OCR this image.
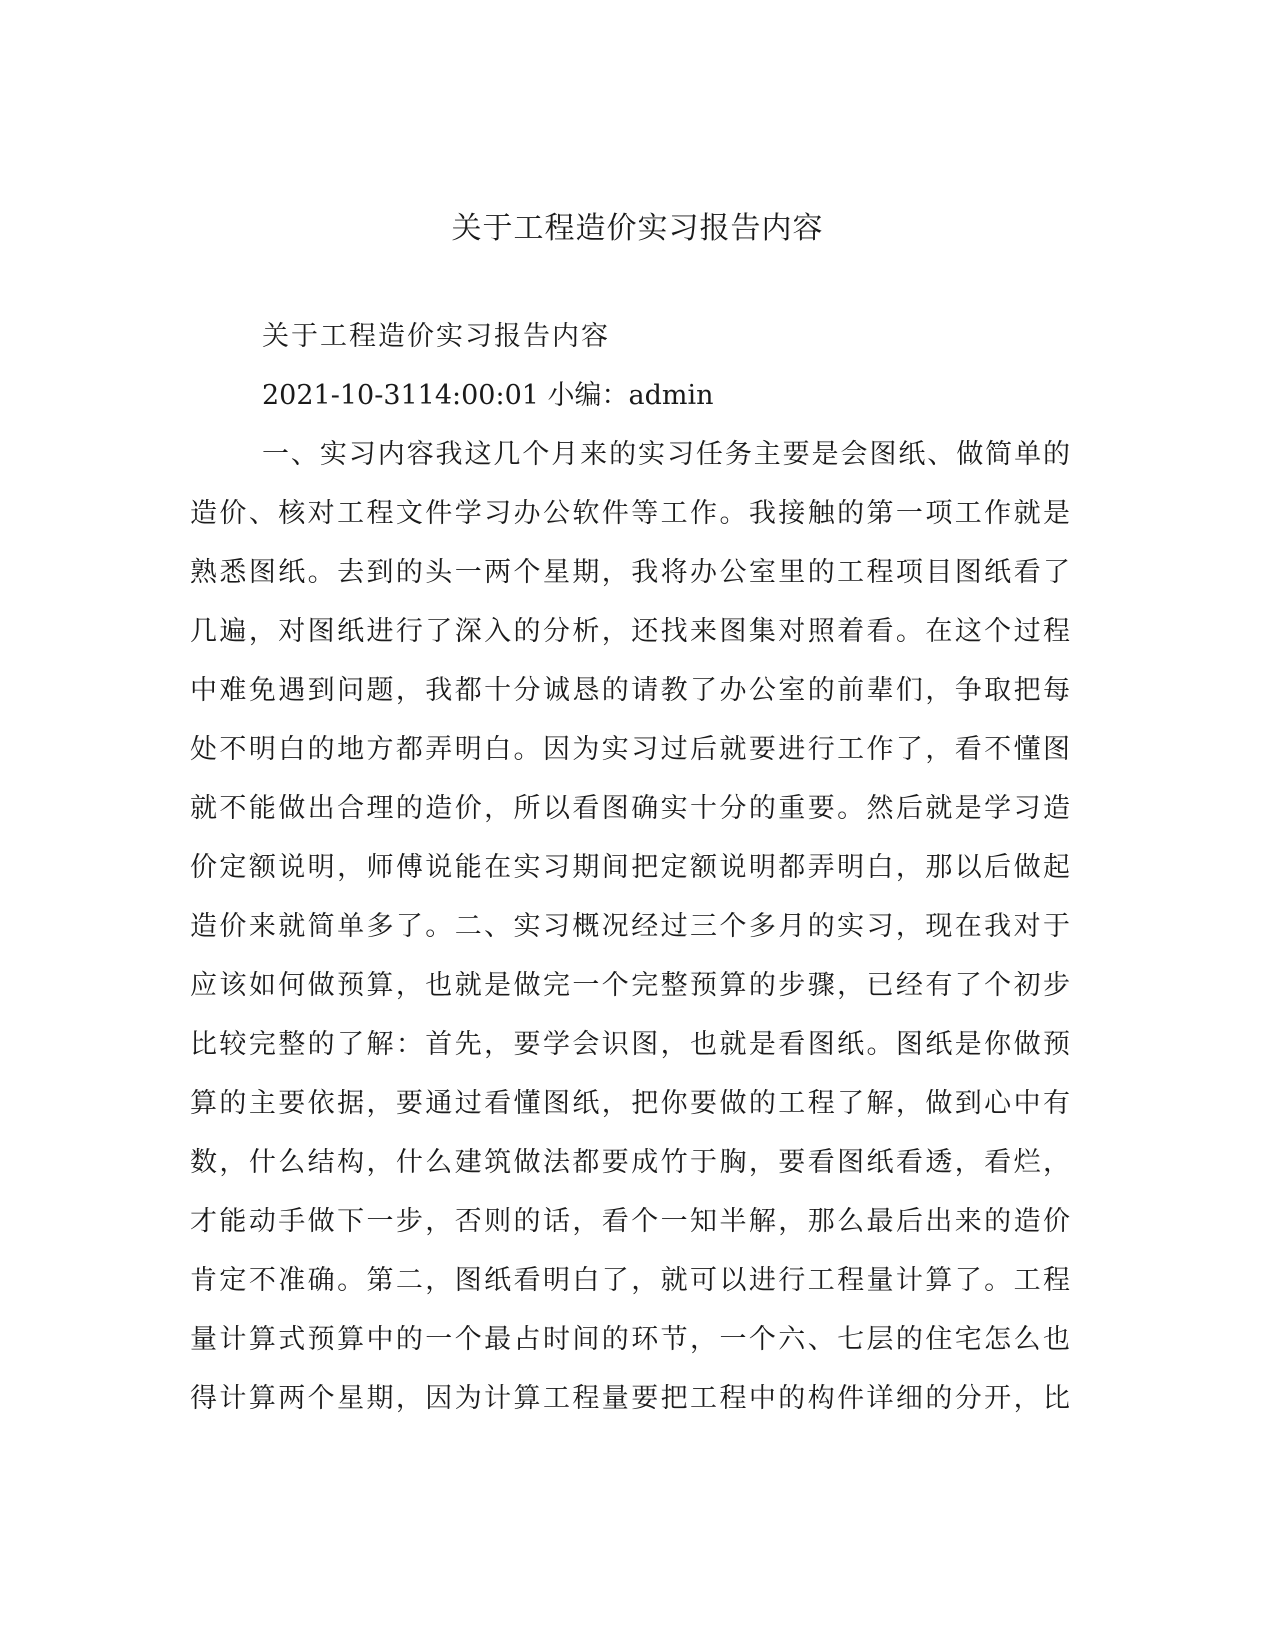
关于工程造价实习报告内容

关于工程造价实习报告内容

2021-10-3114:00:01 小编：admin

一、实习内容我这几个月来的实习任务主要是会图纸、做简单的

造价、核对工程文件学习办公软件等工作。我接触的第一项工作就是

熟悉图纸。去到的头一两个星期，我将办公室里的工程项目图纸看了

几遍，对图纸进行了深入的分析，还找来图集对照着看。在这个过程

中难免遇到问题，我都十分诚恳的请教了办公室的前辈们，争取把每

处不明白的地方都弄明白。因为实习过后就要进行工作了，看不懂图

就不能做出合理的造价，所以看图确实十分的重要。然后就是学习造

价定额说明，师傅说能在实习期间把定额说明都弄明白，那以后做起

造价来就简单多了。二、实习概况经过三个多月的实习，现在我对于

应该如何做预算，也就是做完一个完整预算的步骤，已经有了个初步

比较完整的了解：首先，要学会识图，也就是看图纸。图纸是你做预

算的主要依据，要通过看懂图纸，把你要做的工程了解，做到心中有

数，什么结构，什么建筑做法都要成竹于胸，要看图纸看透，看烂，

才能动手做下一步，否则的话，看个一知半解，那么最后出来的造价

肯定不准确。第二，图纸看明白了，就可以进行工程量计算了。工程

量计算式预算中的一个最占时间的环节，一个六、七层的住宅怎么也

得计算两个星期，因为计算工程量要把工程中的构件详细的分开，比
